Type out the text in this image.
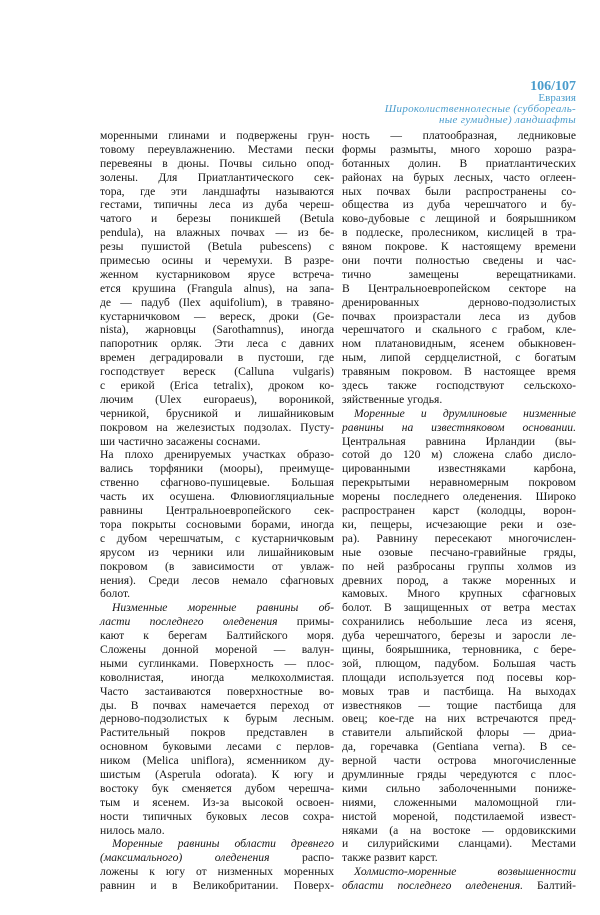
106/107
Евразия
Широколиственнолесные (суббореаль-
ные гумидные) ландшафты
моренными глинами и подвержены грун-
товому переувлажнению. Местами пески
перевеяны в дюны. Почвы сильно опод-
золены. Для Приатлантического сек-
тора, где эти ландшафты называются
гестами, типичны леса из дуба череш-
чатого и березы поникшей (Betula
pendula), на влажных почвах — из бе-
резы пушистой (Betula pubescens) с
примесью осины и черемухи. В разре-
женном кустарниковом ярусе встреча-
ется крушина (Frangula alnus), на запа-
де — падуб (Ilex aquifolium), в травяно-
кустарничковом — вереск, дроки (Ge-
nista), жарновцы (Sarothamnus), иногда
папоротник орляк. Эти леса с давних
времен деградировали в пустоши, где
господствует вереск (Calluna vulgaris)
с ерикой (Erica tetralix), дроком ко-
лючим (Ulex europaeus), вороникой,
черникой, брусникой и лишайниковым
покровом на железистых подзолах. Пусту-
ши частично засажены соснами.
На плохо дренируемых участках образо-
вались торфяники (мооры), преимуще-
ственно сфагново-пушицевые. Большая
часть их осушена. Флювиогляциальные
равнины Центральноевропейского сек-
тора покрыты сосновыми борами, иногда
с дубом черешчатым, с кустарничковым
ярусом из черники или лишайниковым
покровом (в зависимости от увлаж-
нения). Среди лесов немало сфагновых
болот.
Низменные моренные равнины об-
ласти последнего оледенения примы-
кают к берегам Балтийского моря.
Сложены донной мореной — валун-
ными суглинками. Поверхность — плос-
коволнистая, иногда мелкохолмистая.
Часто застаиваются поверхностные во-
ды. В почвах намечается переход от
дерново-подзолистых к бурым лесным.
Растительный покров представлен в
основном буковыми лесами с перлов-
ником (Melica uniflora), ясменником ду-
шистым (Asperula odorata). К югу и
востоку бук сменяется дубом черешча-
тым и ясенем. Из-за высокой освоен-
ности типичных буковых лесов сохра-
нилось мало.
Моренные равнины области древнего
(максимального) оледенения распо-
ложены к югу от низменных моренных
равнин и в Великобритании. Поверх-
ность — платообразная, ледниковые
формы размыты, много хорошо разра-
ботанных долин. В приатлантических
районах на бурых лесных, часто оглеен-
ных почвах были распространены со-
общества из дуба черешчатого и бу-
ково-дубовые с лещиной и боярышником
в подлеске, пролесником, кислицей в тра-
вяном покрове. К настоящему времени
они почти полностью сведены и час-
тично замещены верещатниками.
В Центральноевропейском секторе на
дренированных дерново-подзолистых
почвах произрастали леса из дубов
черешчатого и скального с грабом, кле-
ном платановидным, ясенем обыкновен-
ным, липой сердцелистной, с богатым
травяным покровом. В настоящее время
здесь также господствуют сельскохо-
зяйственные угодья.
Моренные и друмлиновые низменные
равнины на известняковом основании.
Центральная равнина Ирландии (вы-
сотой до 120 м) сложена слабо дисло-
цированными известняками карбона,
перекрытыми неравномерным покровом
морены последнего оледенения. Широко
распространен карст (колодцы, ворон-
ки, пещеры, исчезающие реки и озе-
ра). Равнину пересекают многочислен-
ные озовые песчано-гравийные гряды,
по ней разбросаны группы холмов из
древних пород, а также моренных и
камовых. Много крупных сфагновых
болот. В защищенных от ветра местах
сохранились небольшие леса из ясеня,
дуба черешчатого, березы и заросли ле-
щины, боярышника, терновника, с бере-
зой, плющом, падубом. Большая часть
площади используется под посевы кор-
мовых трав и пастбища. На выходах
известняков — тощие пастбища для
овец; кое-где на них встречаются пред-
ставители альпийской флоры — дриа-
да, горечавка (Gentiana verna). В се-
верной части острова многочисленные
друмлинные гряды чередуются с плос-
кими сильно заболоченными пониже-
ниями, сложенными маломощной гли-
нистой мореной, подстилаемой извест-
няками (а на востоке — ордовикскими
и силурийскими сланцами). Местами
также развит карст.
Холмисто-моренные возвышенности
области последнего оледенения. Балтий-
